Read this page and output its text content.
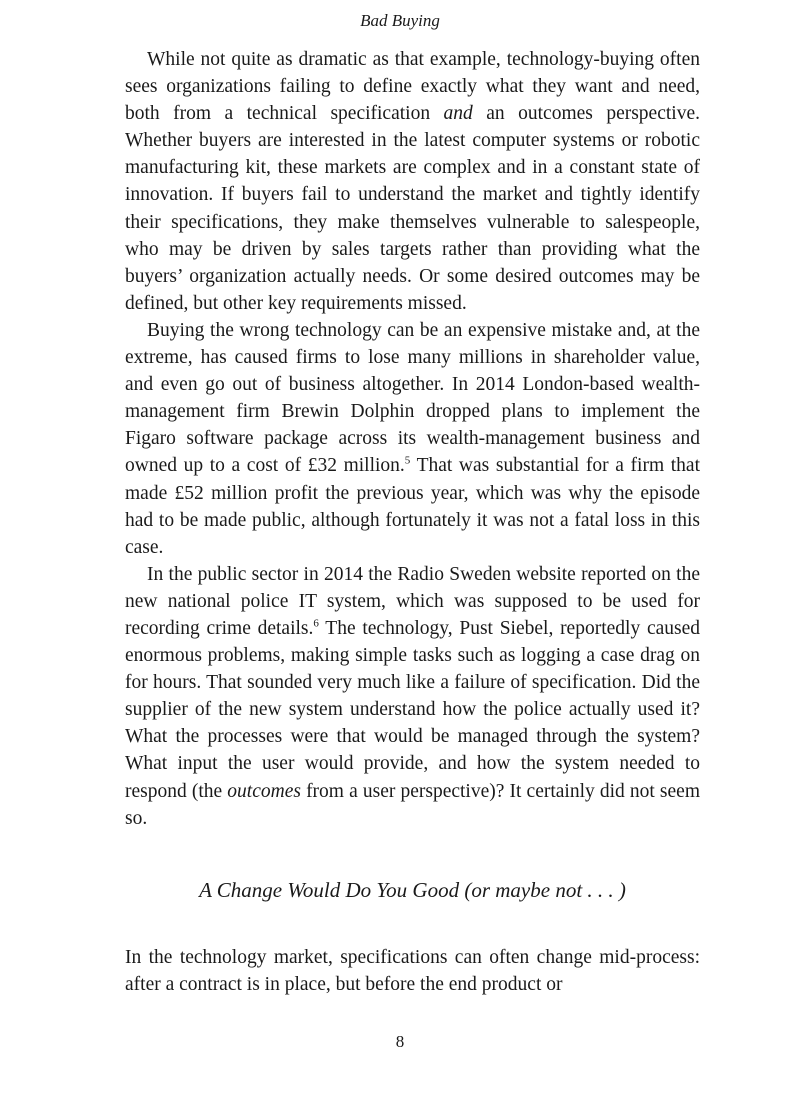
Bad Buying

While not quite as dramatic as that example, technology-buying often sees organizations failing to define exactly what they want and need, both from a technical specification and an outcomes perspective. Whether buyers are interested in the latest computer systems or robotic manufacturing kit, these markets are complex and in a constant state of innovation. If buyers fail to understand the market and tightly identify their specifications, they make themselves vulnerable to salespeople, who may be driven by sales targets rather than providing what the buyers’ organization actually needs. Or some desired outcomes may be defined, but other key requirements missed.

Buying the wrong technology can be an expensive mistake and, at the extreme, has caused firms to lose many millions in shareholder value, and even go out of business altogether. In 2014 London-based wealth-management firm Brewin Dolphin dropped plans to implement the Figaro software package across its wealth-management business and owned up to a cost of £32 million.$^5$ That was substantial for a firm that made £52 million profit the previous year, which was why the episode had to be made public, although fortunately it was not a fatal loss in this case.

In the public sector in 2014 the Radio Sweden website reported on the new national police IT system, which was supposed to be used for recording crime details.$^6$ The technology, Pust Siebel, reportedly caused enormous problems, making simple tasks such as logging a case drag on for hours. That sounded very much like a failure of specification. Did the supplier of the new system understand how the police actually used it? What the processes were that would be managed through the system? What input the user would provide, and how the system needed to respond (the outcomes from a user perspective)? It certainly did not seem so.

A Change Would Do You Good (or maybe not . . . )

In the technology market, specifications can often change mid-process: after a contract is in place, but before the end product or

8
